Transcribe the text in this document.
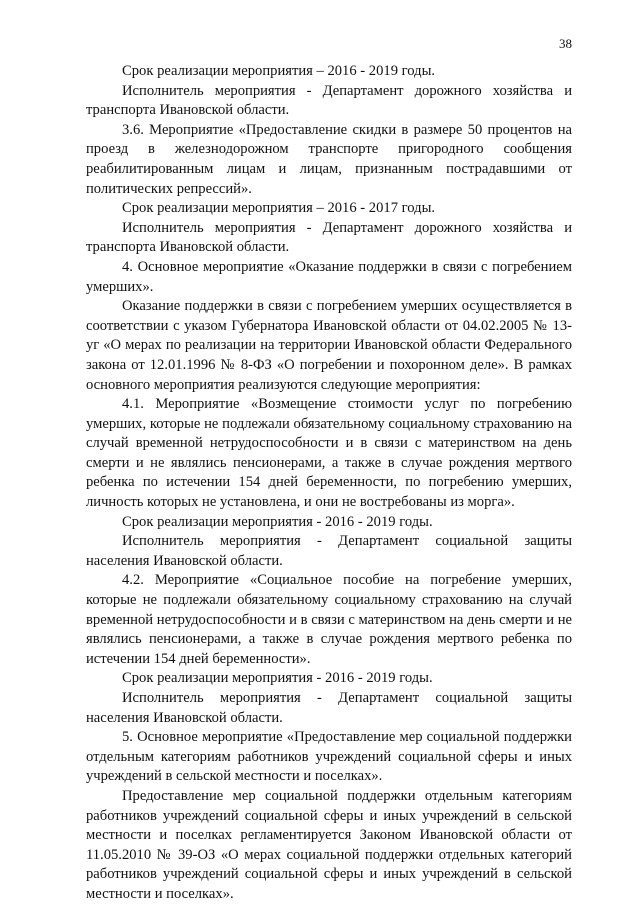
38

Срок реализации мероприятия – 2016 - 2019 годы.

Исполнитель мероприятия - Департамент дорожного хозяйства и транспорта Ивановской области.

3.6. Мероприятие «Предоставление скидки в размере 50 процентов на проезд в железнодорожном транспорте пригородного сообщения реабилитированным лицам и лицам, признанным пострадавшими от политических репрессий».

Срок реализации мероприятия – 2016 - 2017 годы.

Исполнитель мероприятия - Департамент дорожного хозяйства и транспорта Ивановской области.

4. Основное мероприятие «Оказание поддержки в связи с погребением умерших».

Оказание поддержки в связи с погребением умерших осуществляется в соответствии с указом Губернатора Ивановской области от 04.02.2005 № 13-уг «О мерах по реализации на территории Ивановской области Федерального закона от 12.01.1996 № 8-ФЗ «О погребении и похоронном деле». В рамках основного мероприятия реализуются следующие мероприятия:

4.1. Мероприятие «Возмещение стоимости услуг по погребению умерших, которые не подлежали обязательному социальному страхованию на случай временной нетрудоспособности и в связи с материнством на день смерти и не являлись пенсионерами, а также в случае рождения мертвого ребенка по истечении 154 дней беременности, по погребению умерших, личность которых не установлена, и они не востребованы из морга».

Срок реализации мероприятия - 2016 - 2019 годы.

Исполнитель мероприятия - Департамент социальной защиты населения Ивановской области.

4.2. Мероприятие «Социальное пособие на погребение умерших, которые не подлежали обязательному социальному страхованию на случай временной нетрудоспособности и в связи с материнством на день смерти и не являлись пенсионерами, а также в случае рождения мертвого ребенка по истечении 154 дней беременности».

Срок реализации мероприятия - 2016 - 2019 годы.

Исполнитель мероприятия - Департамент социальной защиты населения Ивановской области.

5. Основное мероприятие «Предоставление мер социальной поддержки отдельным категориям работников учреждений социальной сферы и иных учреждений в сельской местности и поселках».

Предоставление мер социальной поддержки отдельным категориям работников учреждений социальной сферы и иных учреждений в сельской местности и поселках регламентируется Законом Ивановской области от 11.05.2010 № 39-ОЗ «О мерах социальной поддержки отдельных категорий работников учреждений социальной сферы и иных учреждений в сельской местности и поселках».
